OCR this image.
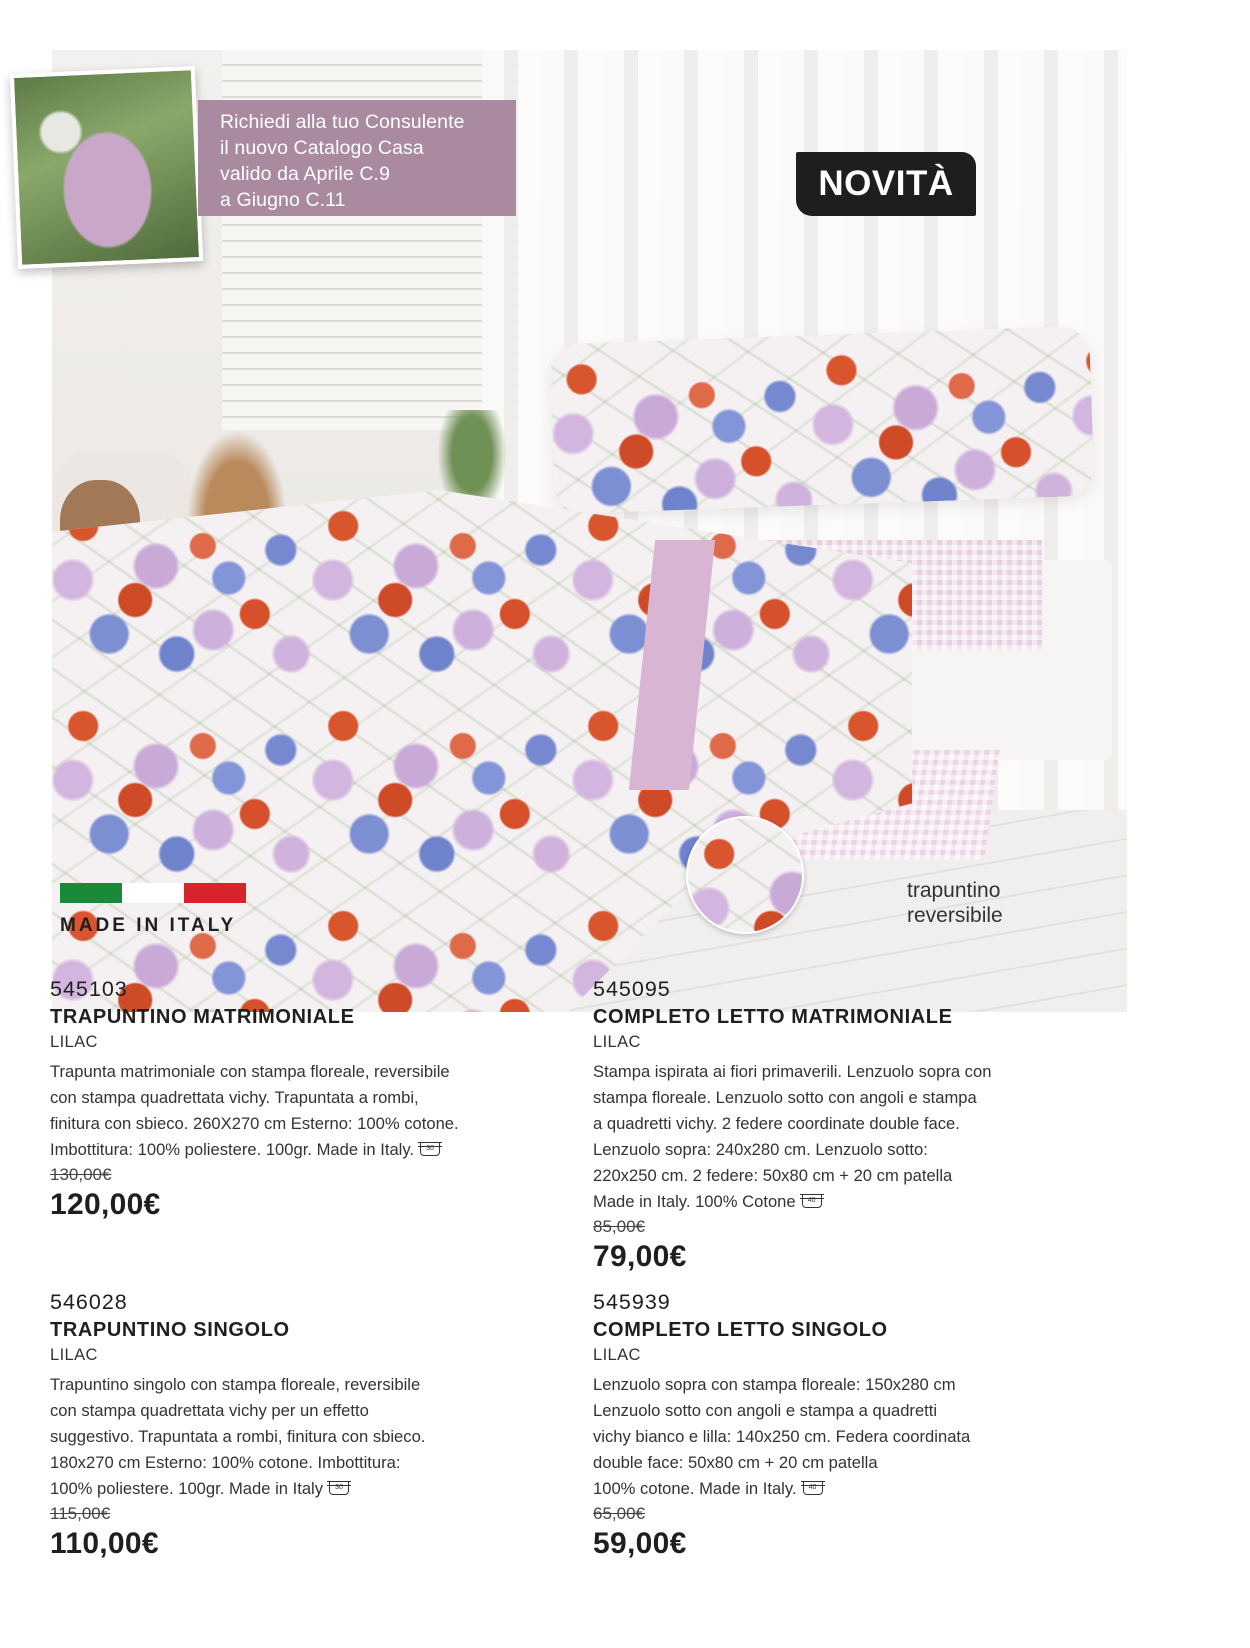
Richiedi alla tuo Consulente
il nuovo Catalogo Casa
valido da Aprile C.9
a Giugno C.11	NOVITÀ
MADE IN ITALY
trapuntino
reversibile
545103
TRAPUNTINO MATRIMONIALE
LILAC
Trapunta matrimoniale con stampa floreale, reversibile
con stampa quadrettata vichy. Trapuntata a rombi,
finitura con sbieco. 260X270 cm Esterno: 100% cotone.
Imbottitura: 100% poliestere. 100gr. Made in Italy.	30
130,00€
120,00€
545095
COMPLETO LETTO MATRIMONIALE
LILAC
Stampa ispirata ai fiori primaverili. Lenzuolo sopra con
stampa floreale. Lenzuolo sotto con angoli e stampa
a quadretti vichy. 2 federe coordinate double face.
Lenzuolo sopra: 240x280 cm. Lenzuolo sotto:
220x250 cm. 2 federe: 50x80 cm + 20 cm patella
Made in Italy. 100% Cotone	40
85,00€
79,00€
546028
TRAPUNTINO SINGOLO
LILAC
Trapuntino singolo con stampa floreale, reversibile
con stampa quadrettata vichy per un effetto
suggestivo. Trapuntata a rombi, finitura con sbieco.
180x270 cm Esterno: 100% cotone. Imbottitura:
100% poliestere. 100gr. Made in Italy	30
115,00€
110,00€
545939
COMPLETO LETTO SINGOLO
LILAC
Lenzuolo sopra con stampa floreale: 150x280 cm
Lenzuolo sotto con angoli e stampa a quadretti
vichy bianco e lilla: 140x250 cm. Federa coordinata
double face: 50x80 cm + 20 cm patella
100% cotone. Made in Italy.	40
65,00€
59,00€
